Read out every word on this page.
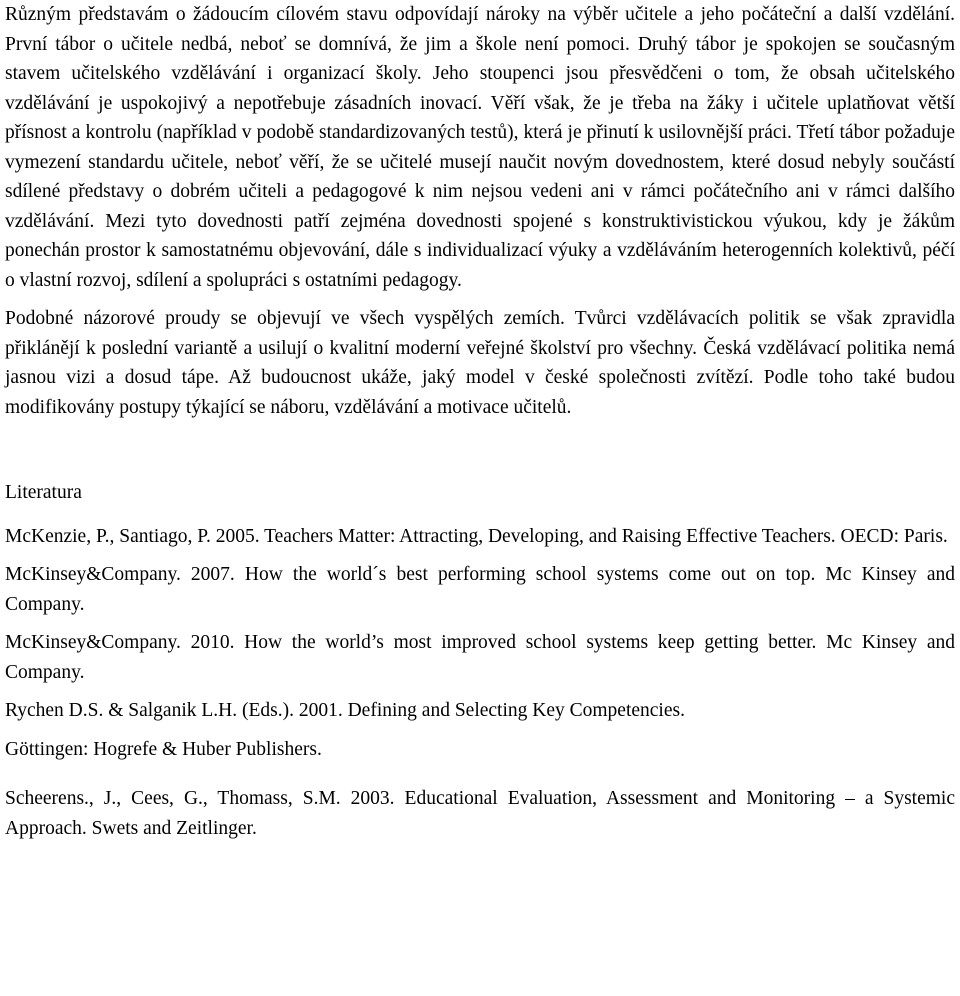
Různým představám o žádoucím cílovém stavu odpovídají nároky na výběr učitele a jeho počáteční a další vzdělání. První tábor o učitele nedbá, neboť se domnívá, že jim a škole není pomoci. Druhý tábor je spokojen se současným stavem učitelského vzdělávání i organizací školy. Jeho stoupenci jsou přesvědčeni o tom, že obsah učitelského vzdělávání je uspokojivý a nepotřebuje zásadních inovací. Věří však, že je třeba na žáky i učitele uplatňovat větší přísnost a kontrolu (například v podobě standardizovaných testů), která je přinutí k usilovnější práci. Třetí tábor požaduje vymezení standardu učitele, neboť věří, že se učitelé musejí naučit novým dovednostem, které dosud nebyly součástí sdílené představy o dobrém učiteli a pedagogové k nim nejsou vedeni ani v rámci počátečního ani v rámci dalšího vzdělávání. Mezi tyto dovednosti patří zejména dovednosti spojené s konstruktivistickou výukou, kdy je žákům ponechán prostor k samostatnému objevování, dále s individualizací výuky a vzděláváním heterogenních kolektivů, péčí o vlastní rozvoj, sdílení a spolupráci s ostatními pedagogy.

Podobné názorové proudy se objevují ve všech vyspělých zemích. Tvůrci vzdělávacích politik se však zpravidla přiklánějí k poslední variantě a usilují o kvalitní moderní veřejné školství pro všechny. Česká vzdělávací politika nemá jasnou vizi a dosud tápe. Až budoucnost ukáže, jaký model v české společnosti zvítězí. Podle toho také budou modifikovány postupy týkající se náboru, vzdělávání a motivace učitelů.

Literatura

McKenzie, P., Santiago, P. 2005. Teachers Matter: Attracting, Developing, and Raising Effective Teachers. OECD: Paris.

McKinsey&Company. 2007. How the world´s best performing school systems come out on top. Mc Kinsey and Company.

McKinsey&Company. 2010. How the world’s most improved school systems keep getting better. Mc Kinsey and Company.

Rychen D.S. & Salganik L.H. (Eds.). 2001. Defining and Selecting Key Competencies.

Göttingen: Hogrefe & Huber Publishers.

Scheerens., J., Cees, G., Thomass, S.M. 2003. Educational Evaluation, Assessment and Monitoring – a Systemic Approach. Swets and Zeitlinger.
